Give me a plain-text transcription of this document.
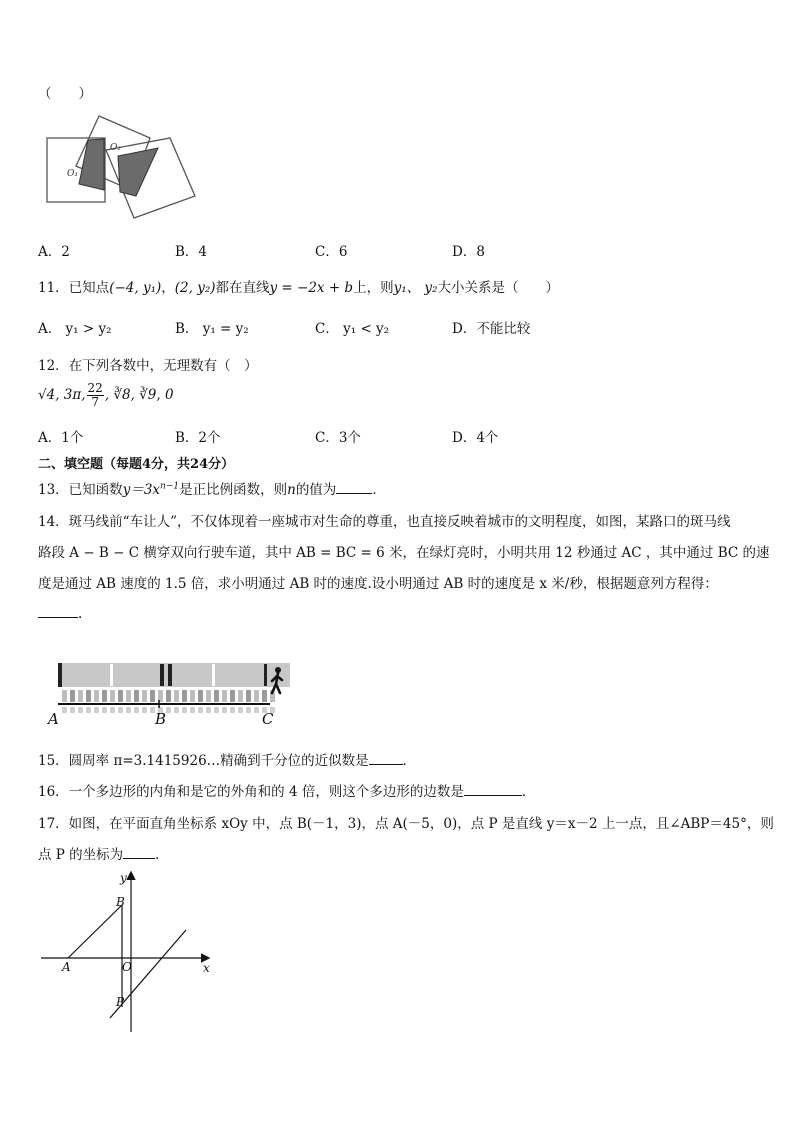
（　　）
O₁
O₂
A．2	B．4	C．6	D．8
11．已知点(−4, y₁)，(2, y₂)都在直线y = −2x + b上，则y₁、 y₂大小关系是（　　）
A． y₁ > y₂	B． y₁ = y₂	C． y₁ < y₂	D．不能比较
12．在下列各数中，无理数有（　）
√4, 3π, $\frac{22}{7}$ , ∛8, ∛9, 0
A．1个	B．2个	C．3个	D．4个
二、填空题（每题4分，共24分）
13．已知函数$y=3x^{n-1}$是正比例函数，则n的值为	．
14．斑马线前“车让人”，不仅体现着一座城市对生命的尊重，也直接反映着城市的文明程度，如图，某路口的斑马线
路段 A − B − C 横穿双向行驶车道，其中 AB = BC = 6 米，在绿灯亮时，小明共用 12 秒通过 AC ，其中通过 BC 的速
度是通过 AB 速度的 1.5 倍，求小明通过 AB 时的速度.设小明通过 AB 时的速度是 x 米/秒，根据题意列方程得：
.
A	B	C
15．圆周率 π=3.1415926…精确到千分位的近似数是	．
16．一个多边形的内角和是它的外角和的 4 倍，则这个多边形的边数是	．
17．如图，在平面直角坐标系 xOy 中，点 B(－1，3)，点 A(－5，0)，点 P 是直线 y＝x－2 上一点，且∠ABP＝45°，则
点 P 的坐标为 ．
x
y
O
A
B
P
